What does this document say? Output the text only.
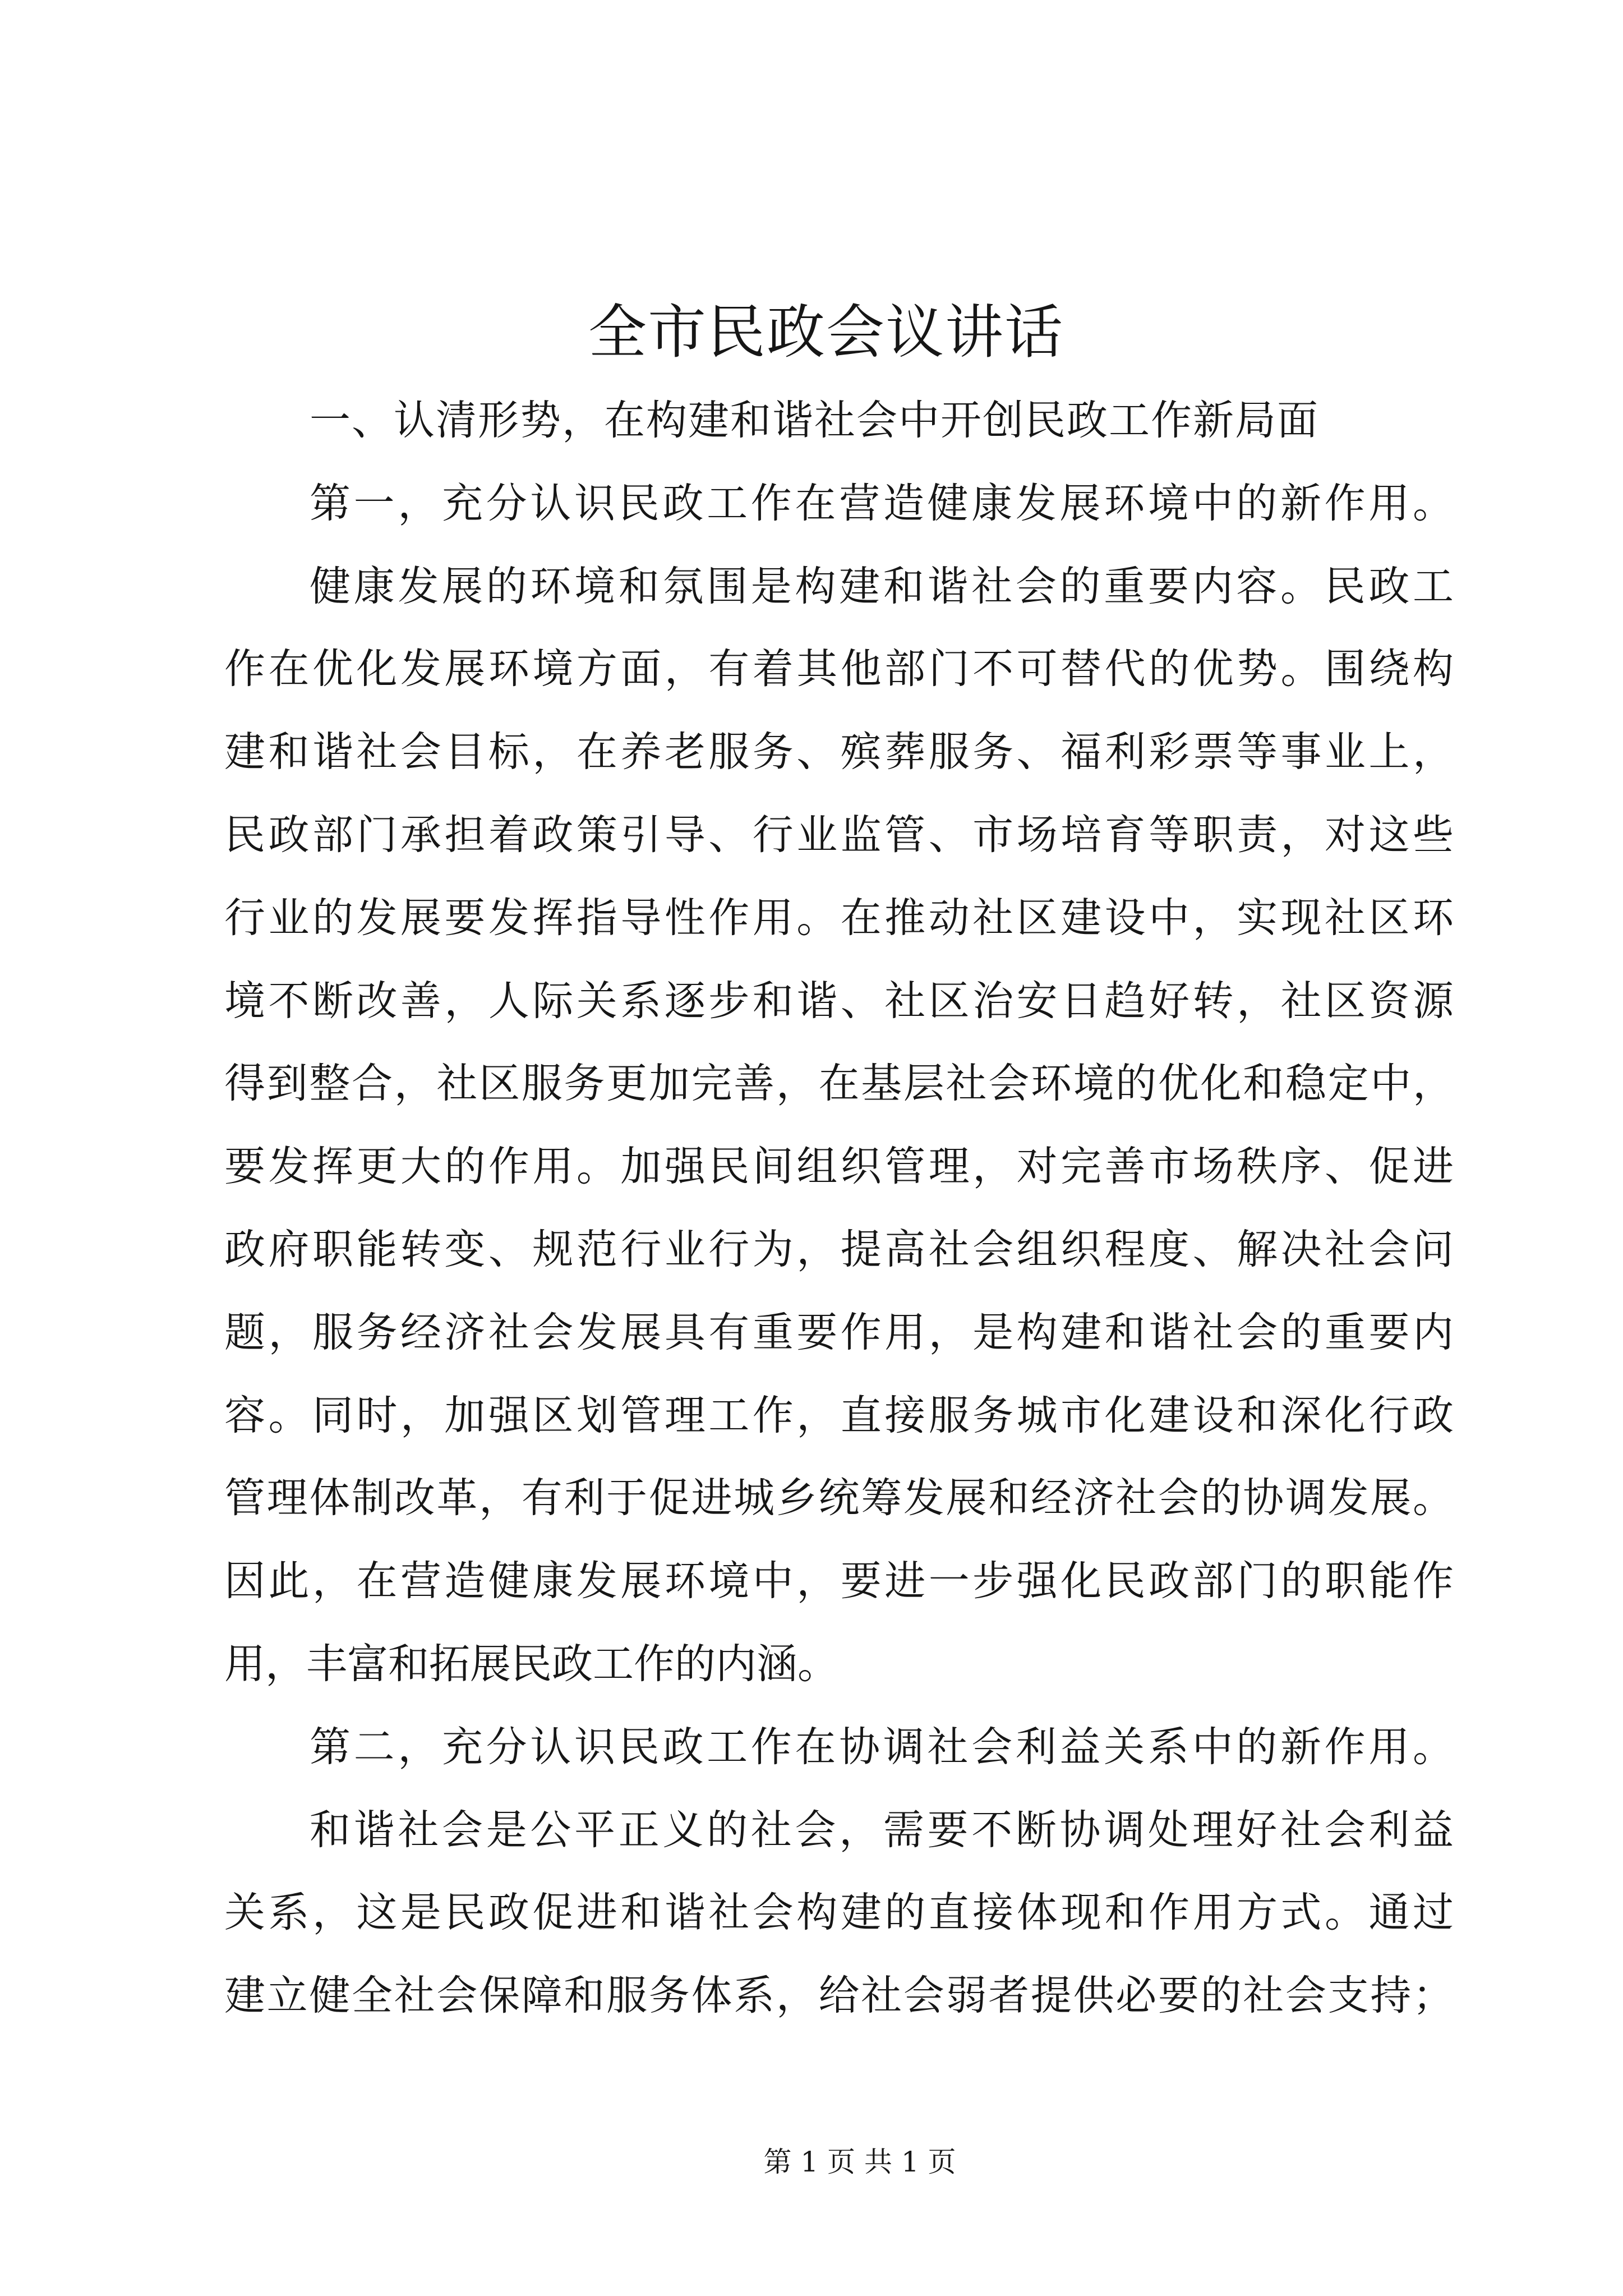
全市民政会议讲话
一、认清形势，在构建和谐社会中开创民政工作新局面
第一，充分认识民政工作在营造健康发展环境中的新作用。
健康发展的环境和氛围是构建和谐社会的重要内容。民政工
作在优化发展环境方面，有着其他部门不可替代的优势。围绕构
建和谐社会目标，在养老服务、殡葬服务、福利彩票等事业上，
民政部门承担着政策引导、行业监管、市场培育等职责，对这些
行业的发展要发挥指导性作用。在推动社区建设中，实现社区环
境不断改善，人际关系逐步和谐、社区治安日趋好转，社区资源
得到整合，社区服务更加完善，在基层社会环境的优化和稳定中，
要发挥更大的作用。加强民间组织管理，对完善市场秩序、促进
政府职能转变、规范行业行为，提高社会组织程度、解决社会问
题，服务经济社会发展具有重要作用，是构建和谐社会的重要内
容。同时，加强区划管理工作，直接服务城市化建设和深化行政
管理体制改革，有利于促进城乡统筹发展和经济社会的协调发展。
因此，在营造健康发展环境中，要进一步强化民政部门的职能作
用，丰富和拓展民政工作的内涵。
第二，充分认识民政工作在协调社会利益关系中的新作用。
和谐社会是公平正义的社会，需要不断协调处理好社会利益
关系，这是民政促进和谐社会构建的直接体现和作用方式。通过
建立健全社会保障和服务体系，给社会弱者提供必要的社会支持；
第 1 页 共 1 页
